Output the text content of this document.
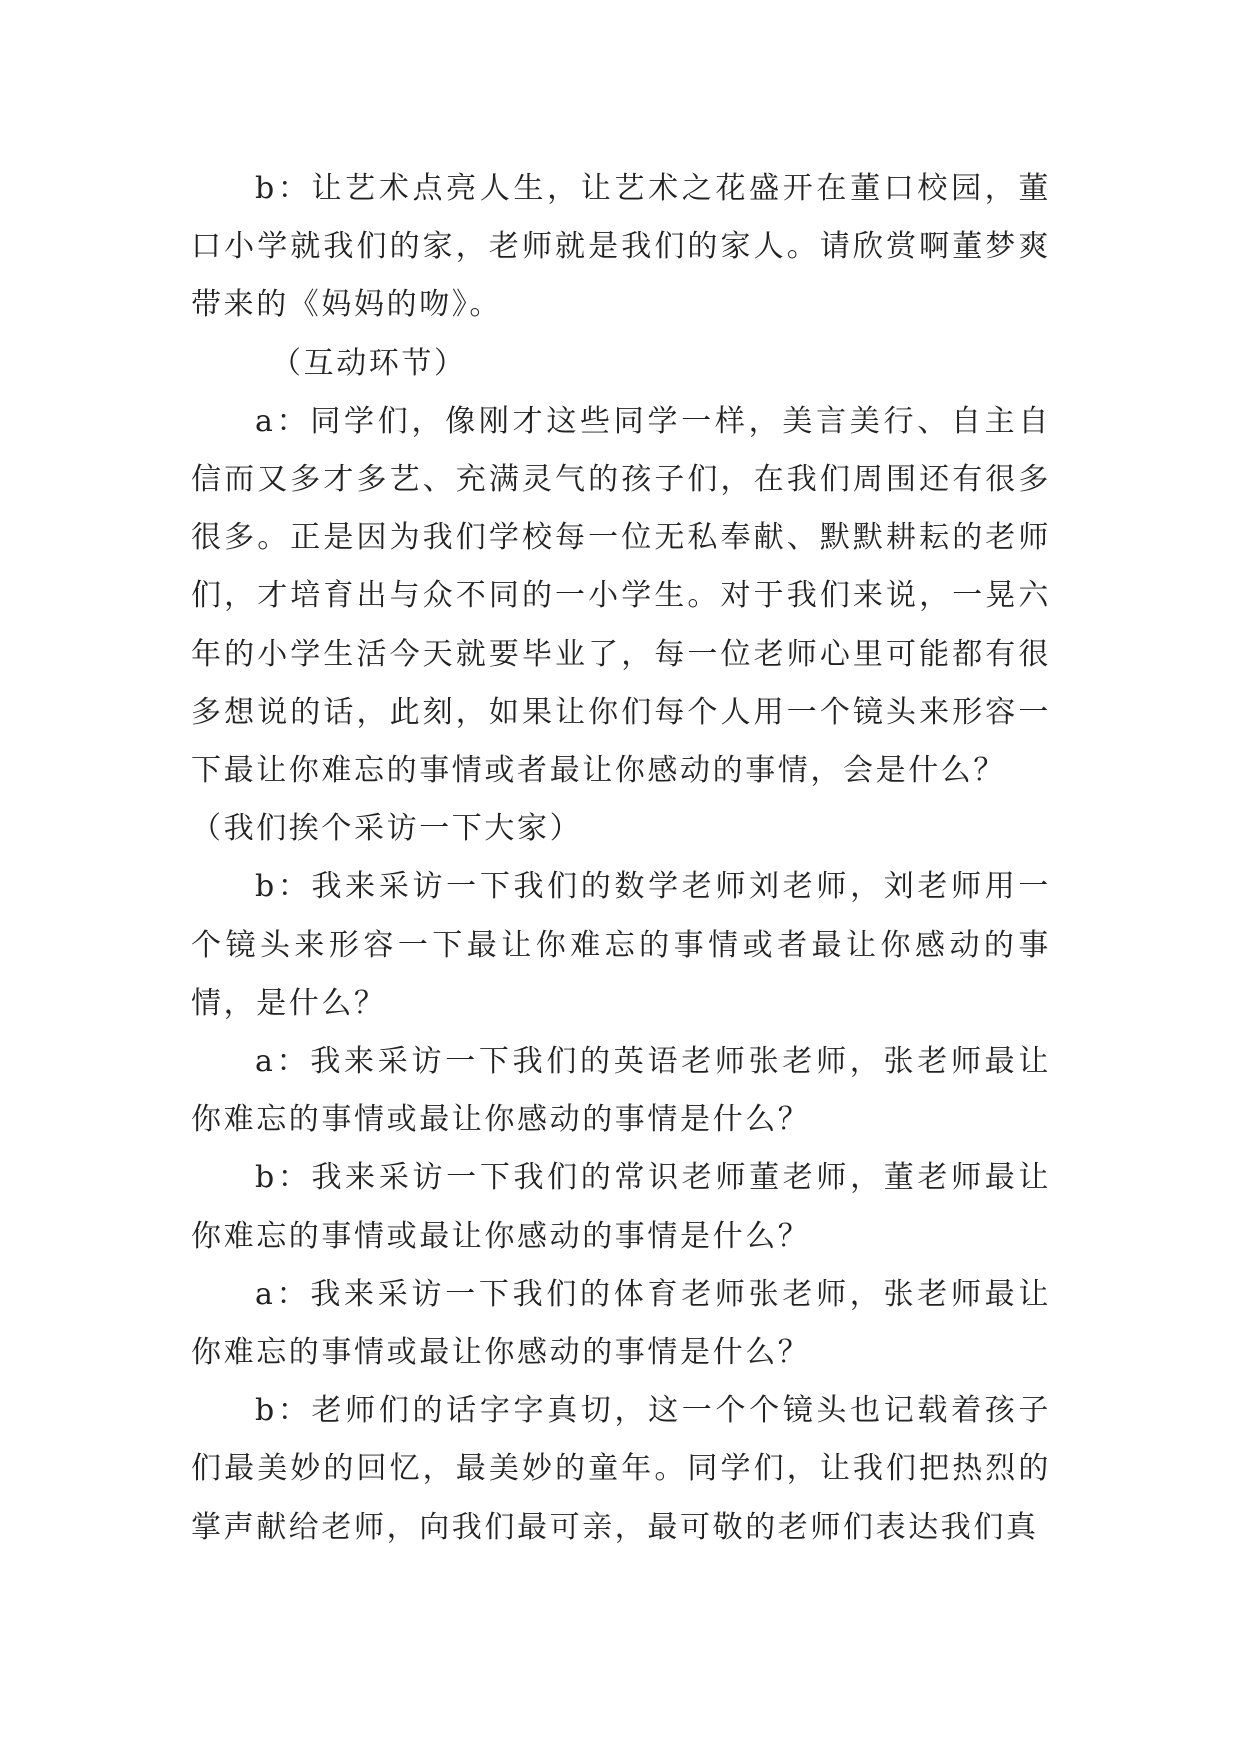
b：让艺术点亮人生，让艺术之花盛开在董口校园，董口小学就我们的家，老师就是我们的家人。请欣赏啊董梦爽带来的《妈妈的吻》。

（互动环节）

a：同学们，像刚才这些同学一样，美言美行、自主自信而又多才多艺、充满灵气的孩子们，在我们周围还有很多很多。正是因为我们学校每一位无私奉献、默默耕耘的老师们，才培育出与众不同的一小学生。对于我们来说，一晃六年的小学生活今天就要毕业了，每一位老师心里可能都有很多想说的话，此刻，如果让你们每个人用一个镜头来形容一下最让你难忘的事情或者最让你感动的事情，会是什么？

（我们挨个采访一下大家）

b：我来采访一下我们的数学老师刘老师，刘老师用一个镜头来形容一下最让你难忘的事情或者最让你感动的事情，是什么？

a：我来采访一下我们的英语老师张老师，张老师最让你难忘的事情或最让你感动的事情是什么？

b：我来采访一下我们的常识老师董老师，董老师最让你难忘的事情或最让你感动的事情是什么？

a：我来采访一下我们的体育老师张老师，张老师最让你难忘的事情或最让你感动的事情是什么？

b：老师们的话字字真切，这一个个镜头也记载着孩子们最美妙的回忆，最美妙的童年。同学们，让我们把热烈的掌声献给老师，向我们最可亲，最可敬的老师们表达我们真
